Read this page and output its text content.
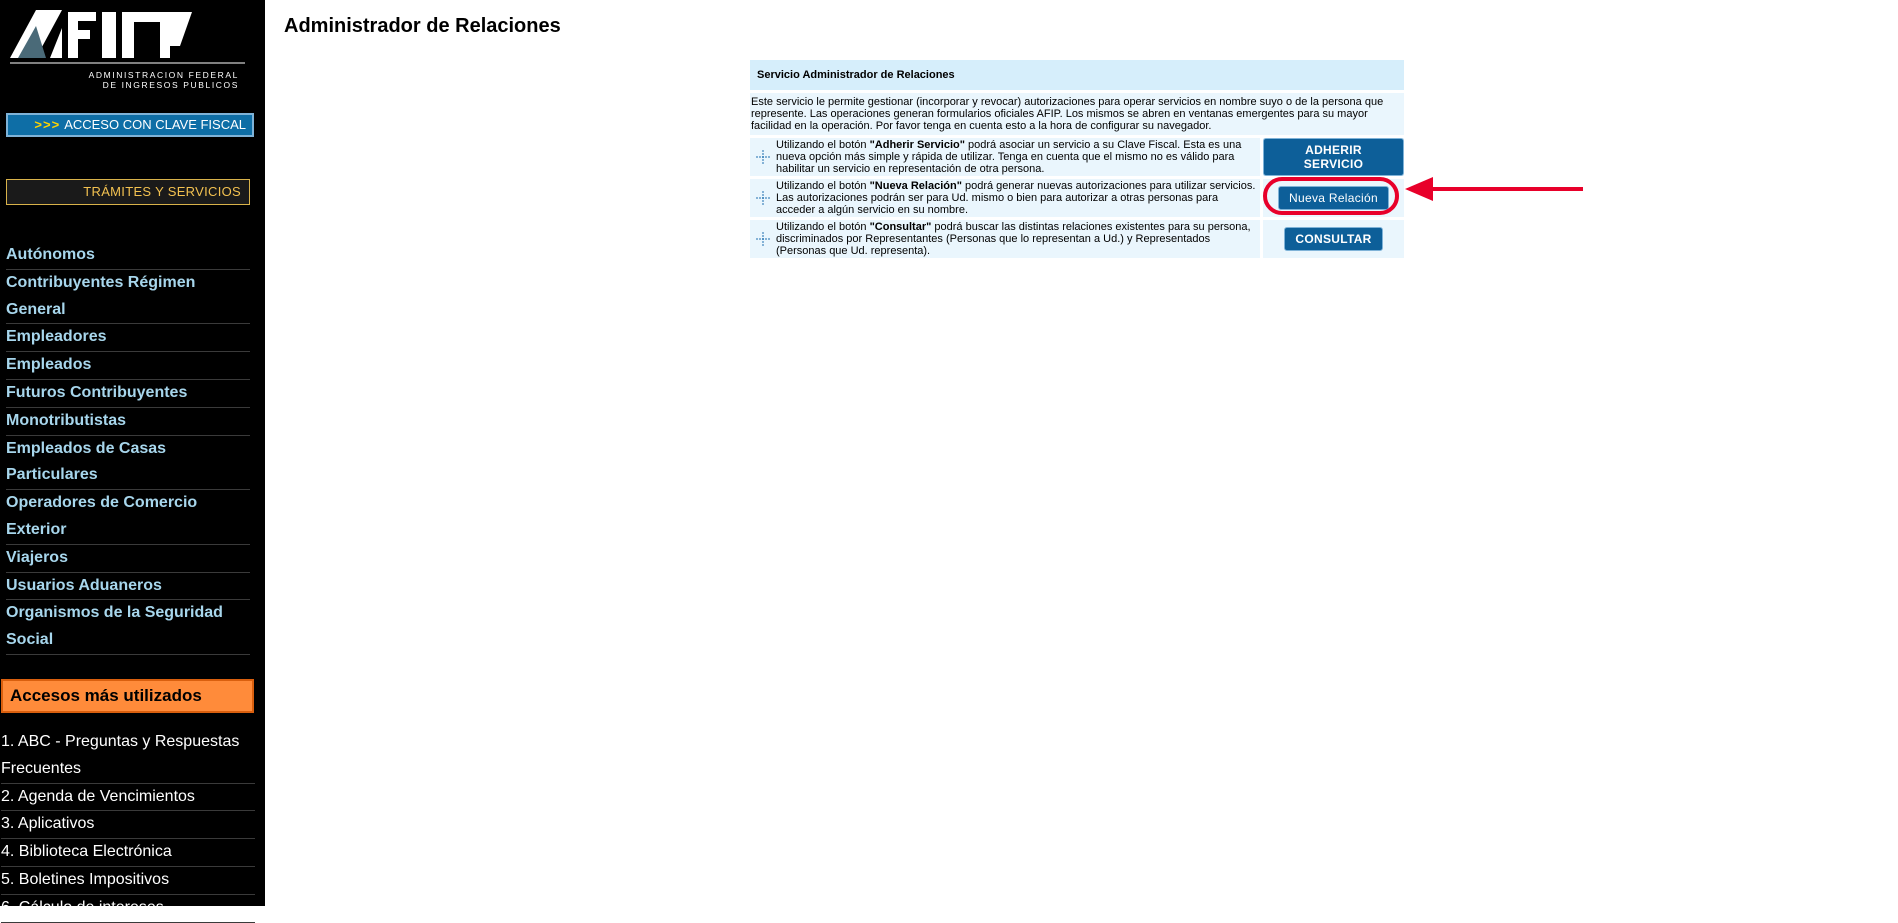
ADMINISTRACION FEDERAL
DE INGRESOS PUBLICOS
>>> ACCESO CON CLAVE FISCAL
TRÁMITES Y SERVICIOS
Autónomos
Contribuyentes Régimen General
Empleadores
Empleados
Futuros Contribuyentes
Monotributistas
Empleados de Casas Particulares
Operadores de Comercio Exterior
Viajeros
Usuarios Aduaneros
Organismos de la Seguridad Social
Accesos más utilizados
1. ABC - Preguntas y Respuestas Frecuentes
2. Agenda de Vencimientos
3. Aplicativos
4. Biblioteca Electrónica
5. Boletines Impositivos
6. Cálculo de intereses
Administrador de Relaciones
Servicio Administrador de Relaciones
Este servicio le permite gestionar (incorporar y revocar) autorizaciones para operar servicios en nombre suyo o de la persona que represente. Las operaciones generan formularios oficiales AFIP. Los mismos se abren en ventanas emergentes para su mayor facilidad en la operación. Por favor tenga en cuenta esto a la hora de configurar su navegador.
Utilizando el botón "Adherir Servicio" podrá asociar un servicio a su Clave Fiscal. Esta es una nueva opción más simple y rápida de utilizar. Tenga en cuenta que el mismo no es válido para habilitar un servicio en representación de otra persona.
ADHERIR SERVICIO
Utilizando el botón "Nueva Relación" podrá generar nuevas autorizaciones para utilizar servicios. Las autorizaciones podrán ser para Ud. mismo o bien para autorizar a otras personas para acceder a algún servicio en su nombre.
Nueva Relación
Utilizando el botón "Consultar" podrá buscar las distintas relaciones existentes para su persona, discriminados por Representantes (Personas que lo representan a Ud.) y Representados (Personas que Ud. representa).
CONSULTAR
